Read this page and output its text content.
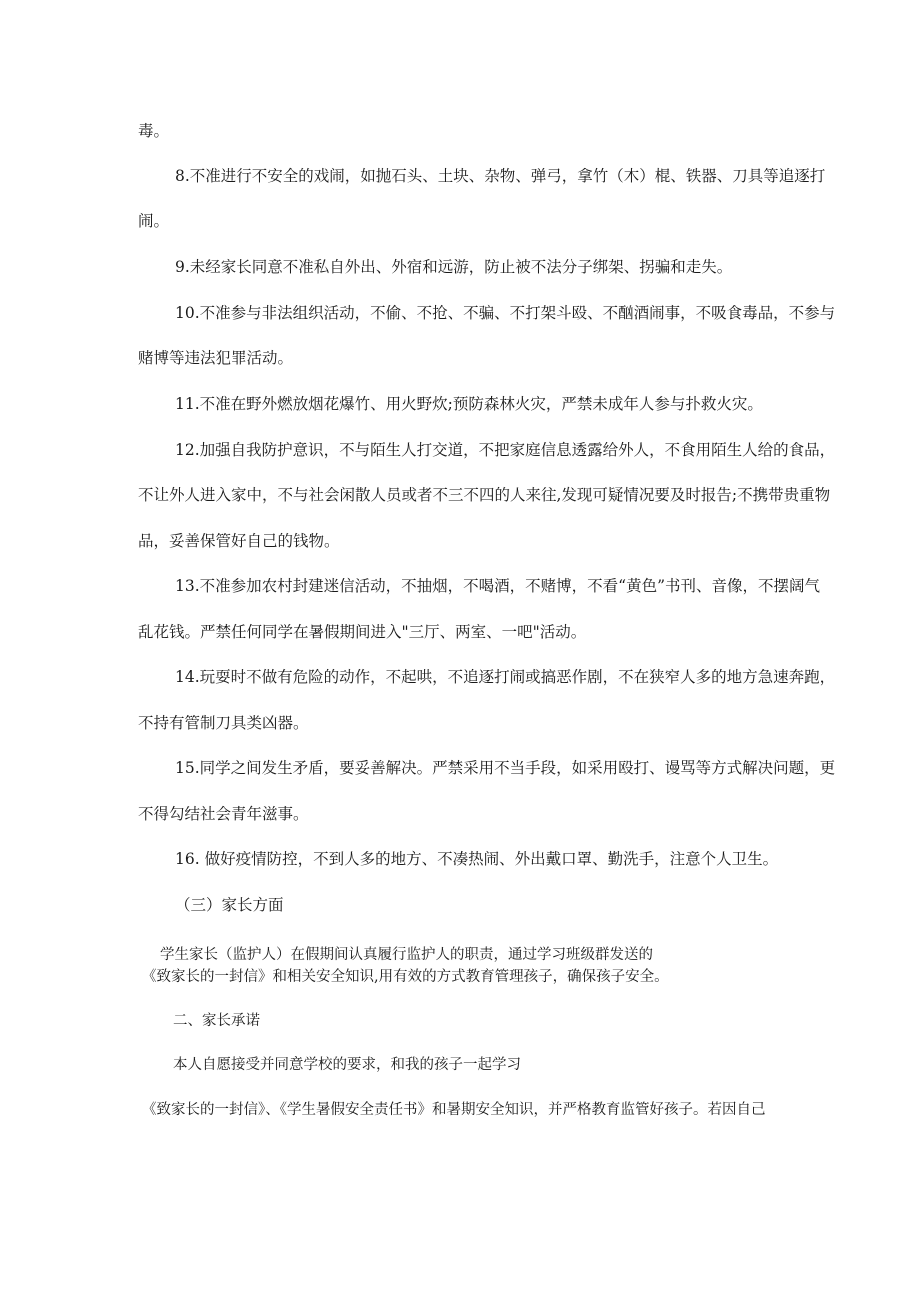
毒。

8.不准进行不安全的戏闹，如抛石头、土块、杂物、弹弓，拿竹（木）棍、铁器、刀具等追逐打

闹。

9.未经家长同意不准私自外出、外宿和远游，防止被不法分子绑架、拐骗和走失。

10.不准参与非法组织活动，不偷、不抢、不骗、不打架斗殴、不酗酒闹事，不吸食毒品，不参与

赌博等违法犯罪活动。

11.不准在野外燃放烟花爆竹、用火野炊;预防森林火灾，严禁未成年人参与扑救火灾。

12.加强自我防护意识，不与陌生人打交道，不把家庭信息透露给外人，不食用陌生人给的食品，

不让外人进入家中，不与社会闲散人员或者不三不四的人来往,发现可疑情况要及时报告;不携带贵重物

品，妥善保管好自己的钱物。

13.不准参加农村封建迷信活动，不抽烟，不喝酒，不赌博，不看“黄色”书刊、音像，不摆阔气

乱花钱。严禁任何同学在暑假期间进入"三厅、两室、一吧"活动。

14.玩耍时不做有危险的动作，不起哄，不追逐打闹或搞恶作剧，不在狭窄人多的地方急速奔跑，

不持有管制刀具类凶器。

15.同学之间发生矛盾，要妥善解决。严禁采用不当手段，如采用殴打、谩骂等方式解决问题，更

不得勾结社会青年滋事。

16. 做好疫情防控，不到人多的地方、不凑热闹、外出戴口罩、勤洗手，注意个人卫生。

（三）家长方面

学生家长（监护人）在假期间认真履行监护人的职责，通过学习班级群发送的

《致家长的一封信》和相关安全知识,用有效的方式教育管理孩子，确保孩子安全。

二、家长承诺

本人自愿接受并同意学校的要求，和我的孩子一起学习

《致家长的一封信》、《学生暑假安全责任书》和暑期安全知识，并严格教育监管好孩子。若因自己
